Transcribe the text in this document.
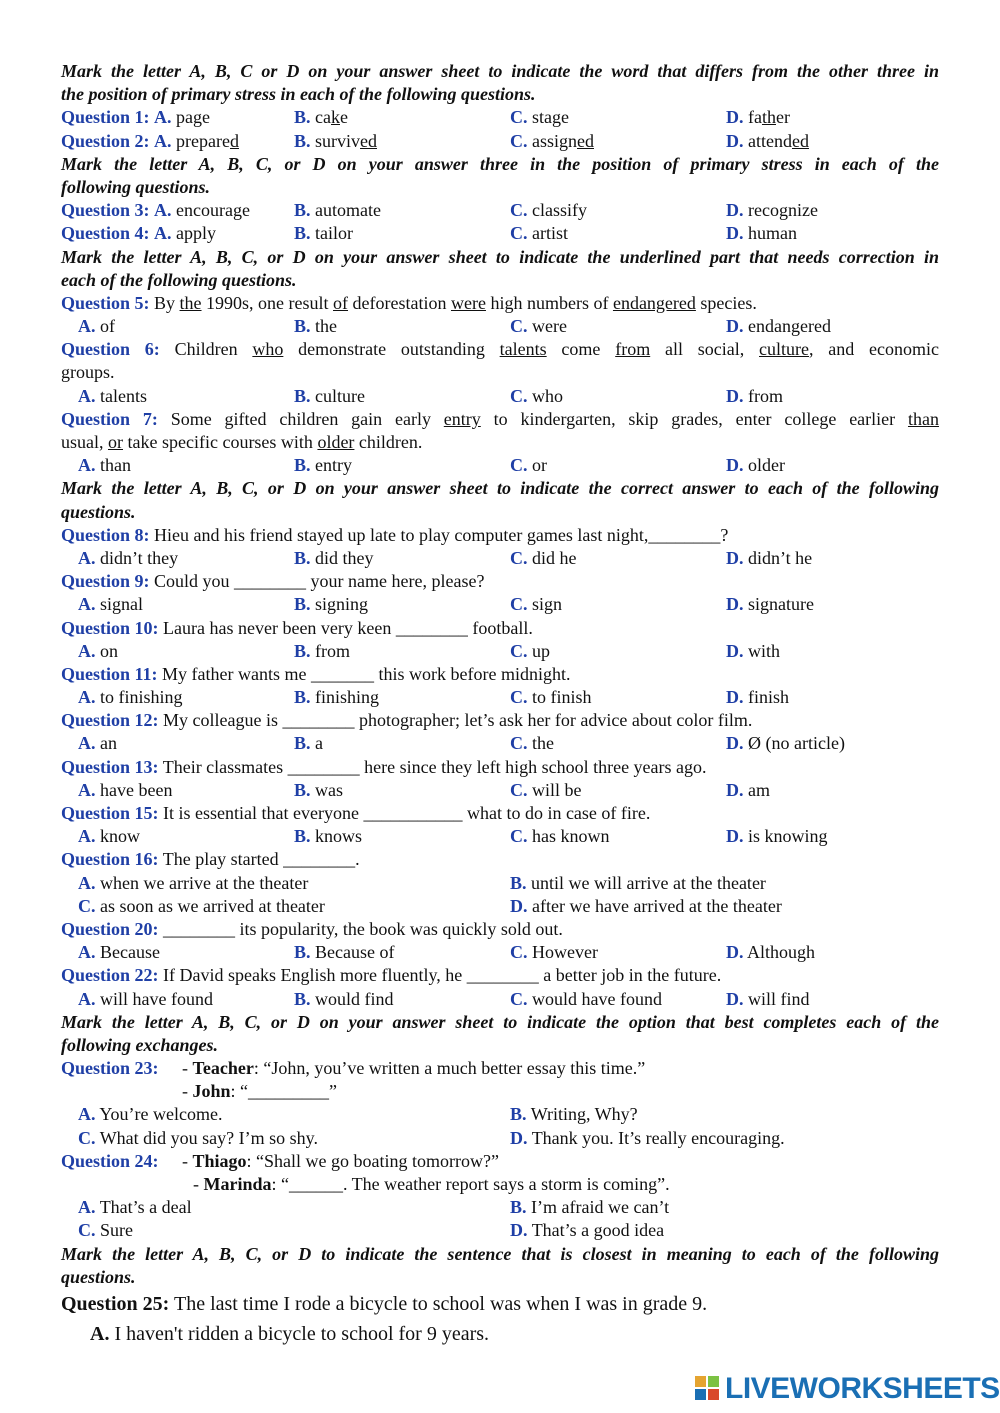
Mark the letter A, B, C or D on your answer sheet to indicate the word that differs from the other three in
the position of primary stress in each of the following questions.
Question 1: A. page	B. cake	C. stage	D. father
Question 2: A. prepared	B. survived	C. assigned	D. attended
Mark the letter A, B, C, or D on your answer three in the position of primary stress in each of the
following questions.
Question 3: A. encourage B. automate	C. classify	D. recognize
Question 4: A. apply	B. tailor	C. artist	D. human
Mark the letter A, B, C, or D on your answer sheet to indicate the underlined part that needs correction in
each of the following questions.
Question 5: By the 1990s, one result of deforestation were high numbers of endangered species.
A. of	B. the	C. were	D. endangered
Question 6: Children who demonstrate outstanding talents come from all social, culture, and economic
groups.
A. talents	B. culture	C. who	D. from
Question 7: Some gifted children gain early entry to kindergarten, skip grades, enter college earlier than
usual, or take specific courses with older children.
A. than	B. entry	C. or	D. older
Mark the letter A, B, C, or D on your answer sheet to indicate the correct answer to each of the following
questions.
Question 8: Hieu and his friend stayed up late to play computer games last night,________?
A. didn’t they	B. did they	C. did he	D. didn’t he
Question 9: Could you ________ your name here, please?
A. signal	B. signing	C. sign	D. signature
Question 10: Laura has never been very keen ________ football.
A. on	B. from	C. up	D. with
Question 11: My father wants me _______ this work before midnight.
A. to finishing	B. finishing	C. to finish	D. finish
Question 12: My colleague is ________ photographer; let’s ask her for advice about color film.
A. an	B. a	C. the	D. Ø (no article)
Question 13: Their classmates ________ here since they left high school three years ago.
A. have been	B. was	C. will be	D. am
Question 15: It is essential that everyone ___________ what to do in case of fire.
A. know	B. knows	C. has known	D. is knowing
Question 16: The play started ________.
A. when we arrive at the theater	B. until we will arrive at the theater
C. as soon as we arrived at theater	D. after we have arrived at the theater
Question 20: ________ its popularity, the book was quickly sold out.
A. Because	B. Because of	C. However	D. Although
Question 22: If David speaks English more fluently, he ________ a better job in the future.
A. will have found	B. would find	C. would have found	D. will find
Mark the letter A, B, C, or D on your answer sheet to indicate the option that best completes each of the
following exchanges.
Question 23: - Teacher: “John, you’ve written a much better essay this time.”
- John: “_________”
A. You’re welcome.	B. Writing, Why?
C. What did you say? I’m so shy.	D. Thank you. It’s really encouraging.
Question 24: - Thiago: “Shall we go boating tomorrow?”
- Marinda: “______. The weather report says a storm is coming”.
A. That’s a deal	B. I’m afraid we can’t
C. Sure	D. That’s a good idea
Mark the letter A, B, C, or D to indicate the sentence that is closest in meaning to each of the following
questions.
Question 25: The last time I rode a bicycle to school was when I was in grade 9.
A. I haven't ridden a bicycle to school for 9 years.
LIVEWORKSHEETS
